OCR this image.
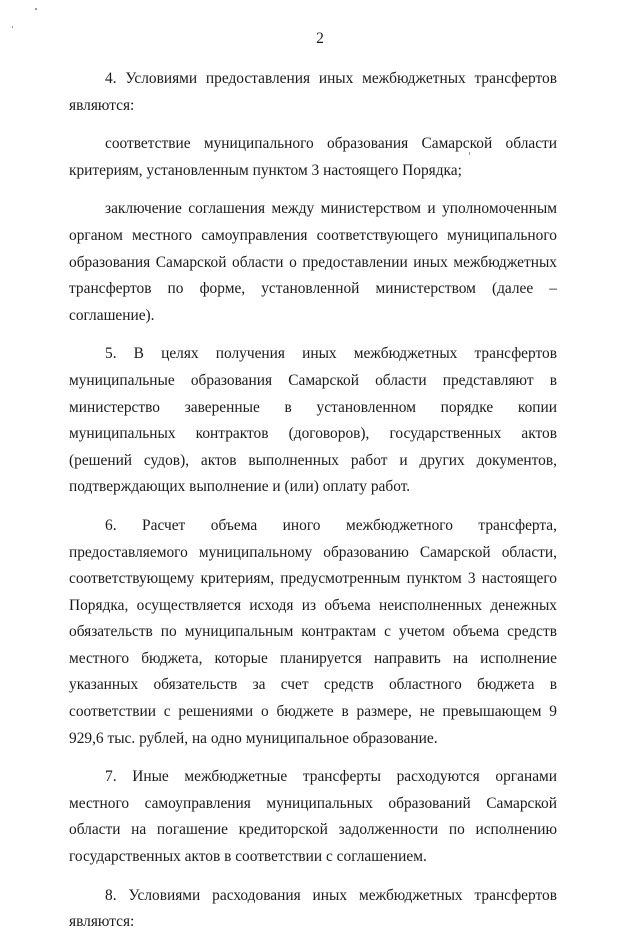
2

4. Условиями предоставления иных межбюджетных трансфертов являются:

соответствие муниципального образования Самарской области критериям, установленным пунктом 3 настоящего Порядка;

заключение соглашения между министерством и уполномоченным органом местного самоуправления соответствующего муниципального образования Самарской области о предоставлении иных межбюджетных трансфертов по форме, установленной министерством (далее – соглашение).

5. В целях получения иных межбюджетных трансфертов муниципальные образования Самарской области представляют в министерство заверенные в установленном порядке копии муниципальных контрактов (договоров), государственных актов (решений судов), актов выполненных работ и других документов, подтверждающих выполнение и (или) оплату работ.

6. Расчет объема иного межбюджетного трансферта, предоставляемого муниципальному образованию Самарской области, соответствующему критериям, предусмотренным пунктом 3 настоящего Порядка, осуществляется исходя из объема неисполненных денежных обязательств по муниципальным контрактам с учетом объема средств местного бюджета, которые планируется направить на исполнение указанных обязательств за счет средств областного бюджета в соответствии с решениями о бюджете в размере, не превышающем 9 929,6 тыс. рублей, на одно муниципальное образование.

7. Иные межбюджетные трансферты расходуются органами местного самоуправления муниципальных образований Самарской области на погашение кредиторской задолженности по исполнению государственных актов в соответствии с соглашением.

8. Условиями расходования иных межбюджетных трансфертов являются:
